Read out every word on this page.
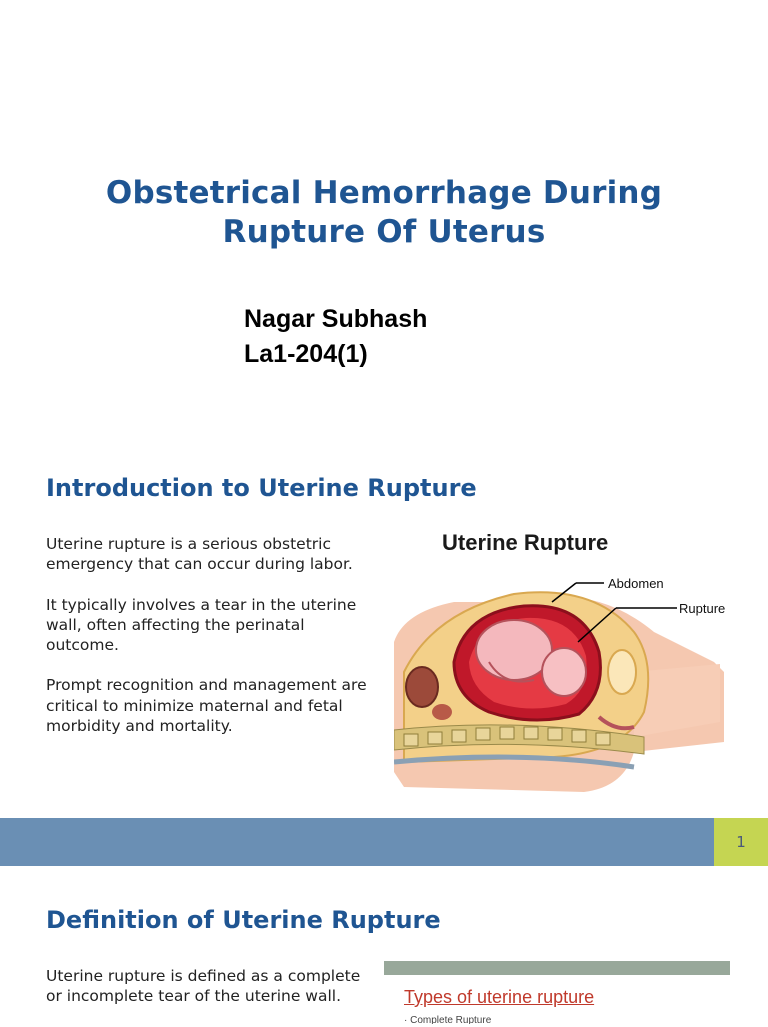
Obstetrical Hemorrhage During
Rupture Of Uterus
Nagar Subhash
La1-204(1)
Introduction to Uterine Rupture

Uterine rupture is a serious obstetric emergency that can occur during labor.

It typically involves a tear in the uterine wall, often affecting the perinatal outcome.

Prompt recognition and management are critical to minimize maternal and fetal morbidity and mortality.

Uterine Rupture
Abdomen
Rupture
1
Definition of Uterine Rupture

Uterine rupture is defined as a complete or incomplete tear of the uterine wall.	Types of uterine rupture
· Complete Rupture
